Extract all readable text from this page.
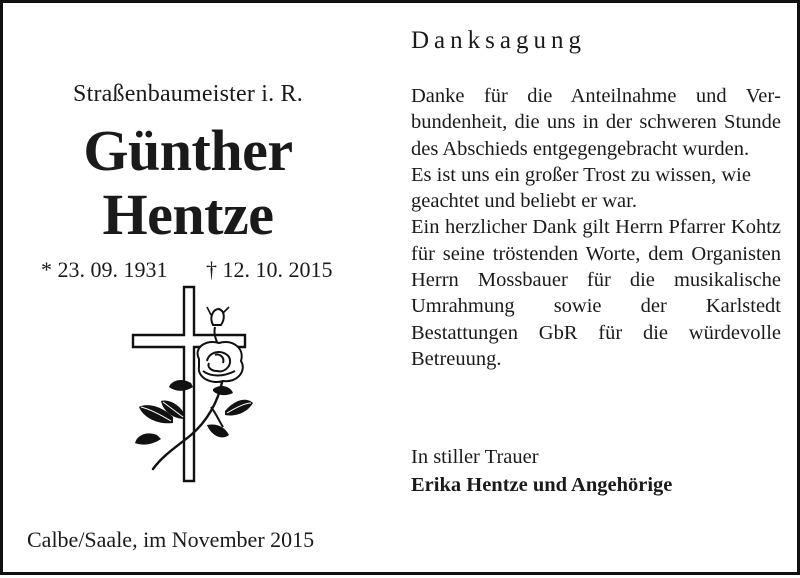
Straßenbaumeister i. R.
Günther
Hentze
* 23. 09. 1931 † 12. 10. 2015
Calbe/Saale, im November 2015
Danksagung

Danke für die Anteilnahme und Verbundenheit, die uns in der schweren Stunde des Abschieds entgegengebracht wurden.

Es ist uns ein großer Trost zu wissen, wie geachtet und beliebt er war.

Ein herzlicher Dank gilt Herrn Pfarrer Kohtz für seine tröstenden Worte, dem Organisten Herrn Mossbauer für die musikalische Umrahmung sowie der Karlstedt Bestattungen GbR für die würdevolle Betreuung.

In stiller Trauer
Erika Hentze und Angehörige
